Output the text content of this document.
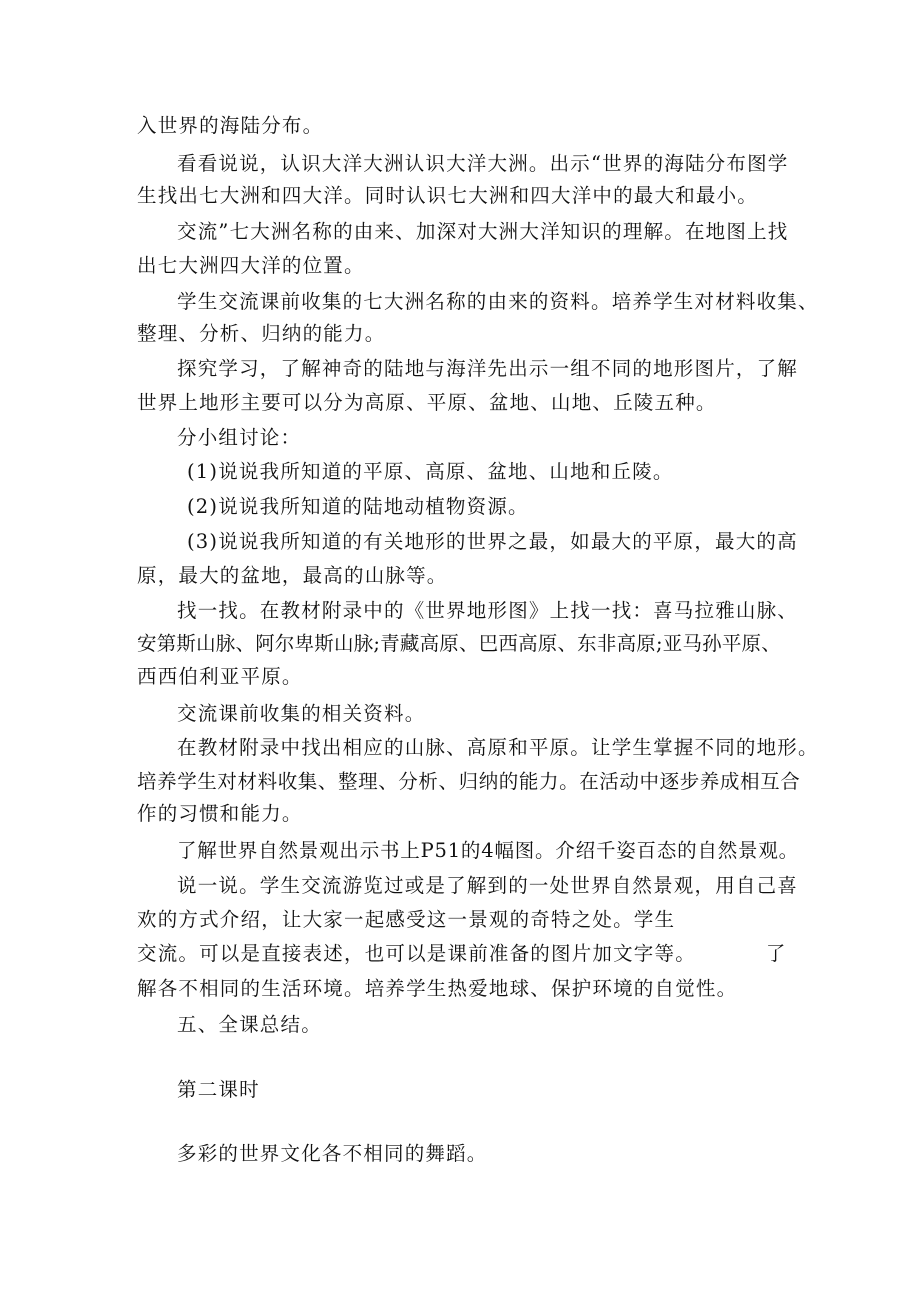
入世界的海陆分布。
看看说说，认识大洋大洲认识大洋大洲。出示“世界的海陆分布图学
生找出七大洲和四大洋。同时认识七大洲和四大洋中的最大和最小。
交流”七大洲名称的由来、加深对大洲大洋知识的理解。在地图上找
出七大洲四大洋的位置。
学生交流课前收集的七大洲名称的由来的资料。培养学生对材料收集、
整理、分析、归纳的能力。
探究学习，了解神奇的陆地与海洋先出示一组不同的地形图片，了解
世界上地形主要可以分为高原、平原、盆地、山地、丘陵五种。
分小组讨论：
(1)说说我所知道的平原、高原、盆地、山地和丘陵。
(2)说说我所知道的陆地动植物资源。
(3)说说我所知道的有关地形的世界之最，如最大的平原，最大的高
原，最大的盆地，最高的山脉等。
找一找。在教材附录中的《世界地形图》上找一找：喜马拉雅山脉、
安第斯山脉、阿尔卑斯山脉;青藏高原、巴西高原、东非高原;亚马孙平原、
西西伯利亚平原。
交流课前收集的相关资料。
在教材附录中找出相应的山脉、高原和平原。让学生掌握不同的地形。
培养学生对材料收集、整理、分析、归纳的能力。在活动中逐步养成相互合
作的习惯和能力。
了解世界自然景观出示书上P51的4幅图。介绍千姿百态的自然景观。
说一说。学生交流游览过或是了解到的一处世界自然景观，用自己喜
欢的方式介绍，让大家一起感受这一景观的奇特之处。学生
交流。可以是直接表述，也可以是课前准备的图片加文字等。	了
解各不相同的生活环境。培养学生热爱地球、保护环境的自觉性。
五、全课总结。
第二课时
多彩的世界文化各不相同的舞蹈。
